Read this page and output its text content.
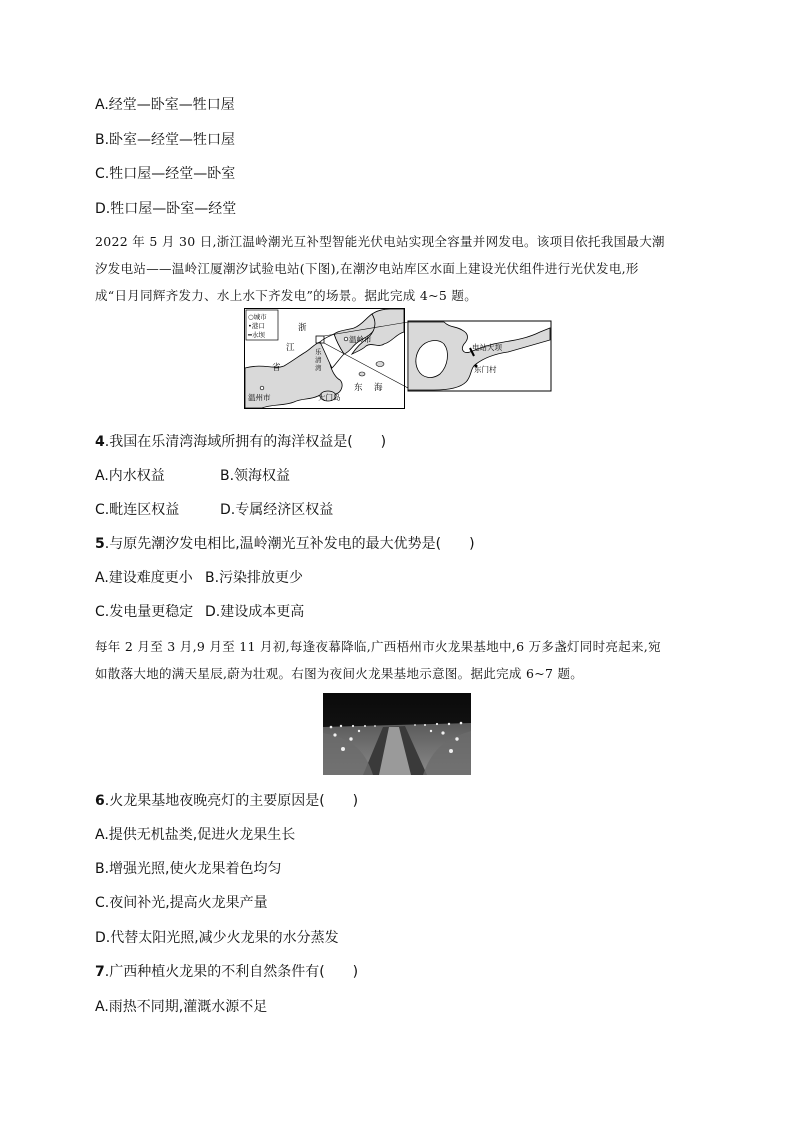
A.经堂—卧室—牲口屋
B.卧室—经堂—牲口屋
C.牲口屋—经堂—卧室
D.牲口屋—卧室—经堂
2022 年 5 月 30 日,浙江温岭潮光互补型智能光伏电站实现全容量并网发电。该项目依托我国最大潮
汐发电站——温岭江厦潮汐试验电站(下图),在潮汐电站库区水面上建设光伏组件进行光伏发电,形
成“日月同辉齐发力、水上水下齐发电”的场景。据此完成 4~5 题。
○城市
•港口
━水坝
浙
江
省
乐
清
湾
温岭市
温州市
东 海
大门岛
电站大坝
东门村
4.我国在乐清湾海域所拥有的海洋权益是(　　)
A.内水权益	B.领海权益
C.毗连区权益	D.专属经济区权益
5.与原先潮汐发电相比,温岭潮光互补发电的最大优势是(　　)
A.建设难度更小 B.污染排放更少
C.发电量更稳定 D.建设成本更高
每年 2 月至 3 月,9 月至 11 月初,每逢夜幕降临,广西梧州市火龙果基地中,6 万多盏灯同时亮起来,宛
如散落大地的满天星辰,蔚为壮观。右图为夜间火龙果基地示意图。据此完成 6~7 题。
6.火龙果基地夜晚亮灯的主要原因是(　　)
A.提供无机盐类,促进火龙果生长
B.增强光照,使火龙果着色均匀
C.夜间补光,提高火龙果产量
D.代替太阳光照,减少火龙果的水分蒸发
7.广西种植火龙果的不利自然条件有(　　)
A.雨热不同期,灌溉水源不足
